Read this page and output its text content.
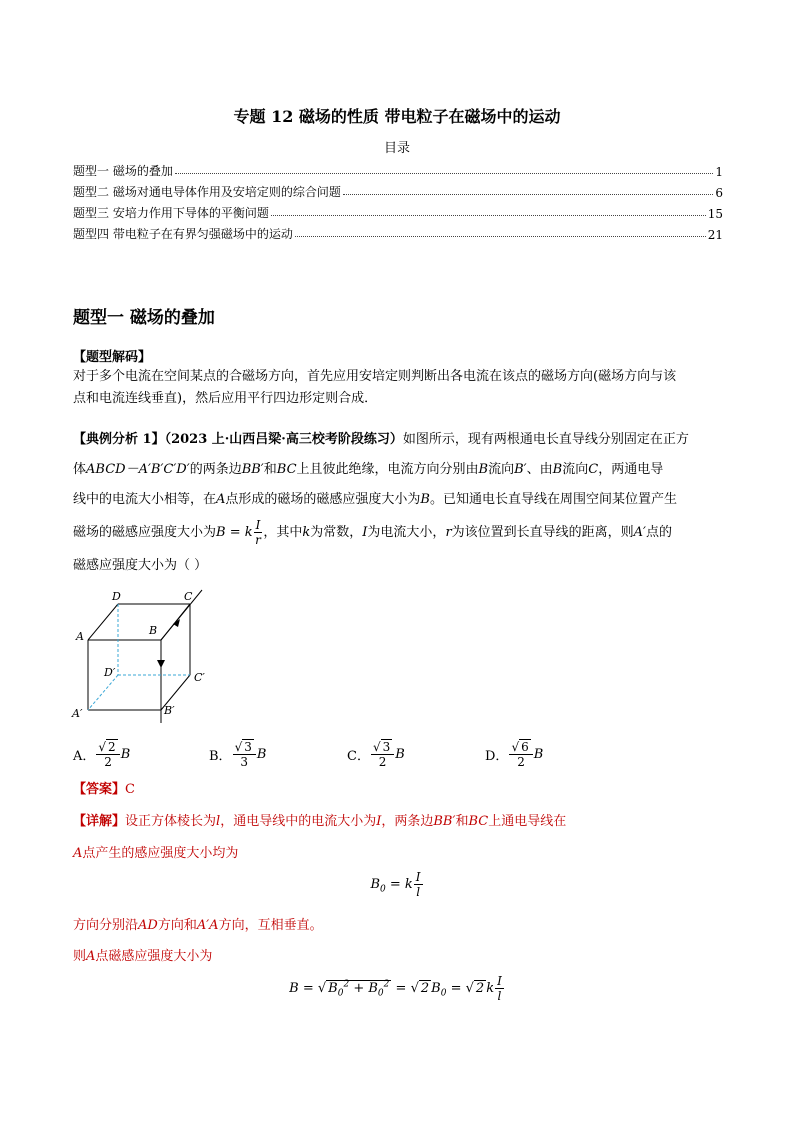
专题 12 磁场的性质 带电粒子在磁场中的运动
目录
题型一 磁场的叠加	1
题型二 磁场对通电导体作用及安培定则的综合问题	6
题型三 安培力作用下导体的平衡问题	15
题型四 带电粒子在有界匀强磁场中的运动	21
题型一 磁场的叠加
【题型解码】
对于多个电流在空间某点的合磁场方向，首先应用安培定则判断出各电流在该点的磁场方向(磁场方向与该
点和电流连线垂直)，然后应用平行四边形定则合成．
【典例分析 1】（2023 上·山西吕梁·高三校考阶段练习）如图所示，现有两根通电长直导线分别固定在正方
体ABCD－A′B′C′D′的两条边BB′和BC上且彼此绝缘，电流方向分别由B流向B′、由B流向C，两通电导
线中的电流大小相等，在A点形成的磁场的磁感应强度大小为B。已知通电长直导线在周围空间某位置产生
磁场的磁感应强度大小为B = k $\frac{I}{r}$ ，其中k为常数，I为电流大小，r为该位置到长直导线的距离，则A′点的
磁感应强度大小为（ ）
D	C
A	B
D′	C′
A′	B′
A． $\frac{√ 2}{2}$ B	B． $\frac{√ 3}{3}$ B	C． $\frac{√ 3}{2}$ B	D． $\frac{√ 6}{2}$ B
【答案】C
【详解】设正方体棱长为l，通电导线中的电流大小为I，两条边BB′和BC上通电导线在
A点产生的感应强度大小均为
$B_0 = k \frac{I}{l}$
方向分别沿AD方向和A′A方向，互相垂直。
则A点磁感应强度大小为
B = √ $B_0^2 + B_0^2$ = √ 2 $B_0$ = √ 2 k $\frac{I}{l}$
